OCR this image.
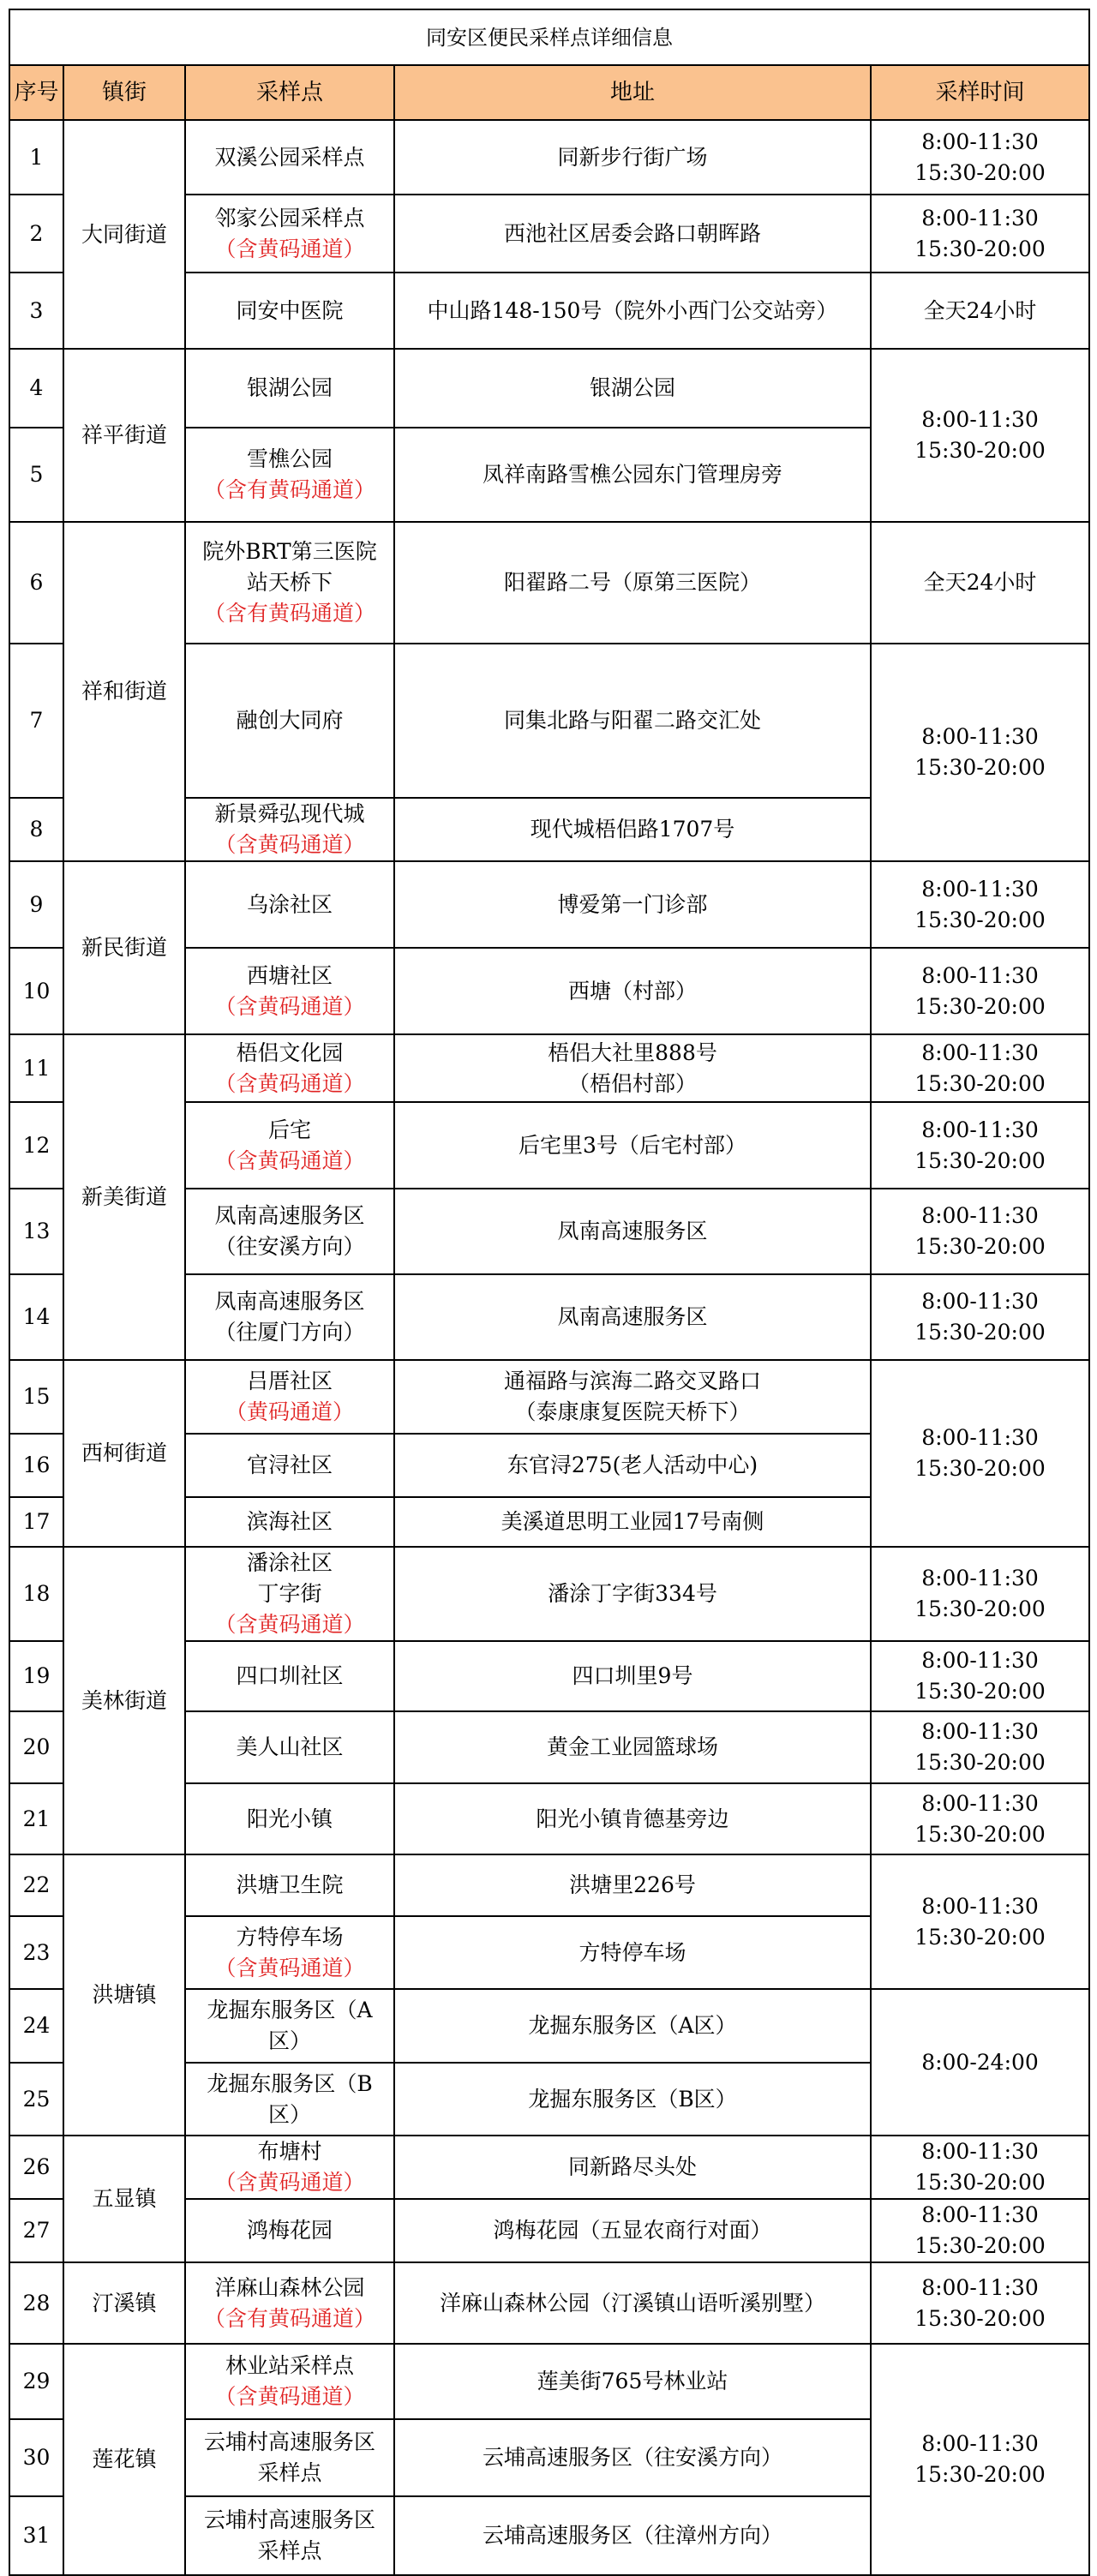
同安区便民采样点详细信息				
序号	镇街	采样点	地址	采样时间
1	大同街道	双溪公园采样点	同新步行街广场	8:00-11:30
15:30-20:00

2		邻家公园采样点
（含黄码通道）	西池社区居委会路口朝晖路	8:00-11:30
15:30-20:00

3		同安中医院	中山路148-150号（院外小西门公交站旁）	全天24小时

4	祥平街道	银湖公园	银湖公园	8:00-11:30
15:30-20:00

5		雪樵公园
（含有黄码通道）	凤祥南路雪樵公园东门管理房旁	

6	祥和街道	院外BRT第三医院
站天桥下
（含有黄码通道）	阳翟路二号（原第三医院）	全天24小时

7		融创大同府	同集北路与阳翟二路交汇处	8:00-11:30
15:30-20:00

8		新景舜弘现代城
（含黄码通道）	现代城梧侣路1707号	

9	新民街道	乌涂社区	博爱第一门诊部	8:00-11:30
15:30-20:00

10		西塘社区
（含黄码通道）	西塘（村部）	8:00-11:30
15:30-20:00

11	新美街道	梧侣文化园
（含黄码通道）	梧侣大社里888号
（梧侣村部）	8:00-11:30
15:30-20:00

12		后宅
（含黄码通道）	后宅里3号（后宅村部）	8:00-11:30
15:30-20:00

13		凤南高速服务区
（往安溪方向）	凤南高速服务区	8:00-11:30
15:30-20:00

14		凤南高速服务区
（往厦门方向）	凤南高速服务区	8:00-11:30
15:30-20:00

15	西柯街道	吕厝社区
（黄码通道）	通福路与滨海二路交叉路口
（泰康康复医院天桥下）	8:00-11:30
15:30-20:00

16		官浔社区	东官浔275(老人活动中心)	

17		滨海社区	美溪道思明工业园17号南侧	

18	美林街道	潘涂社区
丁字街
（含黄码通道）	潘涂丁字街334号	8:00-11:30
15:30-20:00

19		四口圳社区	四口圳里9号	8:00-11:30
15:30-20:00

20		美人山社区	黄金工业园篮球场	8:00-11:30
15:30-20:00

21		阳光小镇	阳光小镇肯德基旁边	8:00-11:30
15:30-20:00

22	洪塘镇	洪塘卫生院	洪塘里226号	8:00-11:30
15:30-20:00

23		方特停车场
（含黄码通道）	方特停车场	

24		龙掘东服务区（A
区）	龙掘东服务区（A区）	8:00-24:00

25		龙掘东服务区（B
区）	龙掘东服务区（B区）	

26	五显镇	布塘村
（含黄码通道）	同新路尽头处	8:00-11:30
15:30-20:00

27		鸿梅花园	鸿梅花园（五显农商行对面）	8:00-11:30
15:30-20:00

28	汀溪镇	洋麻山森林公园
（含有黄码通道）	洋麻山森林公园（汀溪镇山语听溪别墅）	8:00-11:30
15:30-20:00

29	莲花镇	林业站采样点
（含黄码通道）	莲美街765号林业站	8:00-11:30
15:30-20:00

30		云埔村高速服务区
采样点	云埔高速服务区（往安溪方向）	

31		云埔村高速服务区
采样点	云埔高速服务区（往漳州方向）	
